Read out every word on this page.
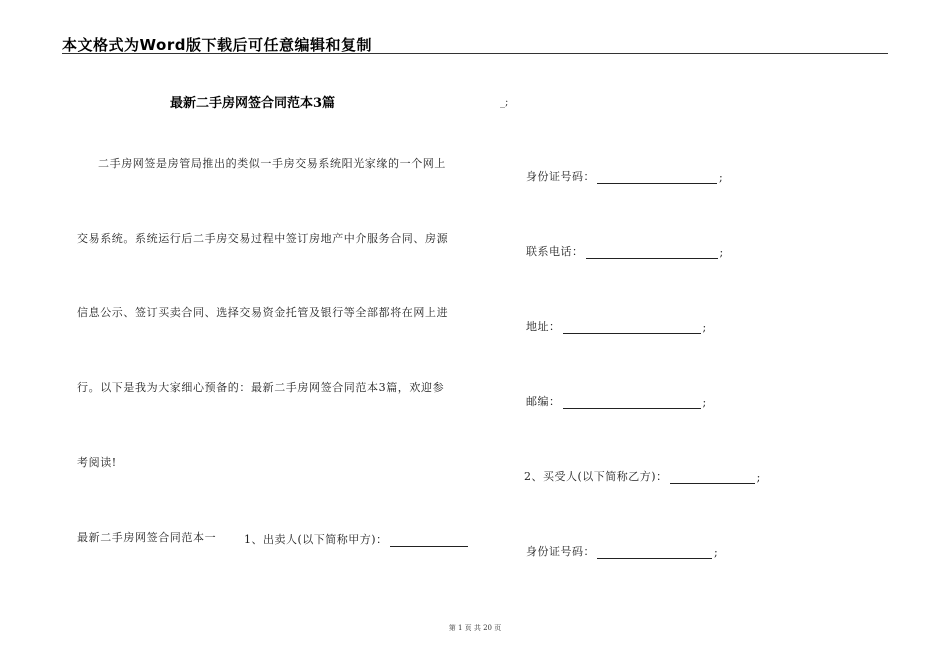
本文格式为Word版下载后可任意编辑和复制
最新二手房网签合同范本3篇	_;
二手房网签是房管局推出的类似一手房交易系统阳光家缘的一个网上
交易系统。系统运行后二手房交易过程中签订房地产中介服务合同、房源
信息公示、签订买卖合同、选择交易资金托管及银行等全部都将在网上进
行。以下是我为大家细心预备的：最新二手房网签合同范本3篇，欢迎参
考阅读!
最新二手房网签合同范本一	1、出卖人(以下简称甲方)：
身份证号码：	;
联系电话：	;
地址：	;
邮编：	;
2、买受人(以下简称乙方)：	;
身份证号码：	;
第 1 页 共 20 页
